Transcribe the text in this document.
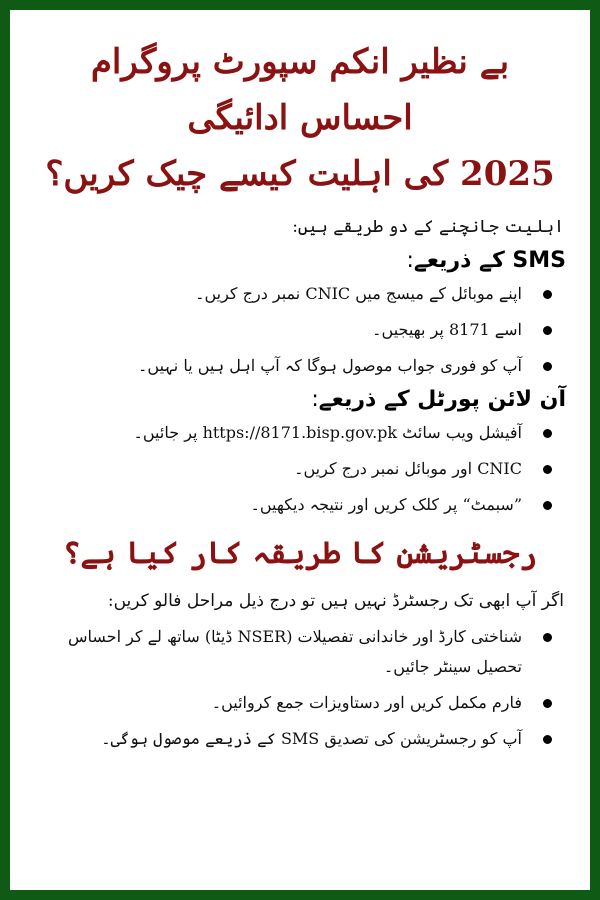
بے نظیر انکم سپورٹ پروگرام احساس ادائیگی
2025 کی اہلیت کیسے چیک کریں؟
اہلیت جانچنے کے دو طریقے ہیں:
SMS کے ذریعے:
اپنے موبائل کے میسج میں CNIC نمبر درج کریں۔
اسے 8171 پر بھیجیں۔
آپ کو فوری جواب موصول ہوگا کہ آپ اہل ہیں یا نہیں۔
آن لائن پورٹل کے ذریعے:
آفیشل ویب سائٹ https://8171.bisp.gov.pk پر جائیں۔
CNIC اور موبائل نمبر درج کریں۔
”سبمٹ“ پر کلک کریں اور نتیجہ دیکھیں۔
رجسٹریشن کا طریقہ کار کیا ہے؟
اگر آپ ابھی تک رجسٹرڈ نہیں ہیں تو درج ذیل مراحل فالو کریں:
شناختی کارڈ اور خاندانی تفصیلات (NSER ڈیٹا) ساتھ لے کر احساس تحصیل سینٹر جائیں۔
فارم مکمل کریں اور دستاویزات جمع کروائیں۔
آپ کو رجسٹریشن کی تصدیق SMS کے ذریعے موصول ہوگی۔
